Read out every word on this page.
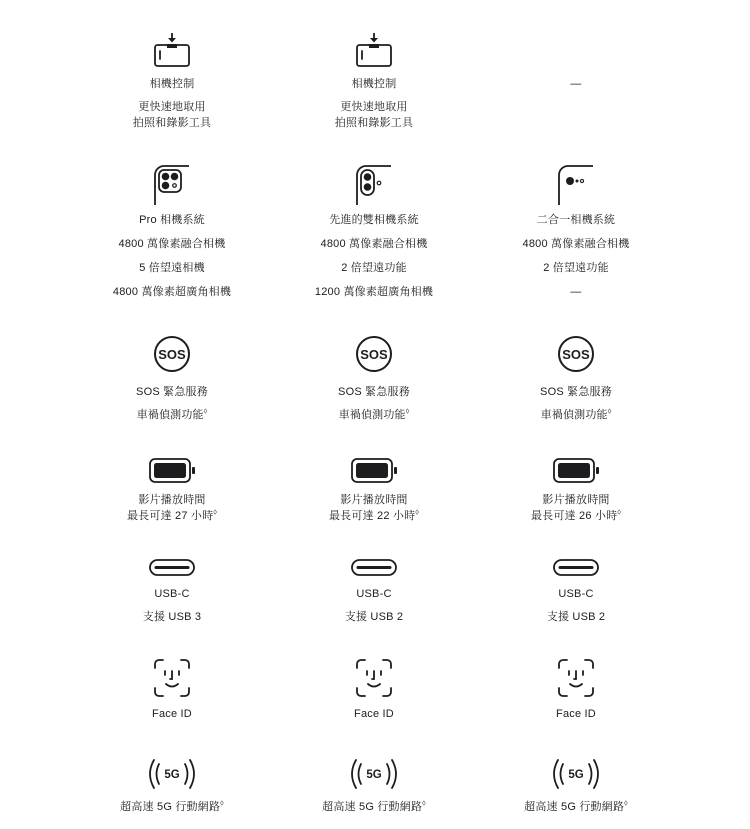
相機控制
更快速地取用
拍照和錄影工具
Pro 相機系統
4800 萬像素融合相機
5 倍望遠相機
4800 萬像素超廣角相機
SOS
SOS 緊急服務
車禍偵測功能◊
影片播放時間
最長可達 27 小時◊
USB-C
支援 USB 3
Face ID
5G
超高速 5G 行動網路◊
相機控制
更快速地取用
拍照和錄影工具
先進的雙相機系統
4800 萬像素融合相機
2 倍望遠功能
1200 萬像素超廣角相機
SOS
SOS 緊急服務
車禍偵測功能◊
影片播放時間
最長可達 22 小時◊
USB-C
支援 USB 2
Face ID
5G
超高速 5G 行動網路◊
—
二合一相機系統
4800 萬像素融合相機
2 倍望遠功能
—
SOS
SOS 緊急服務
車禍偵測功能◊
影片播放時間
最長可達 26 小時◊
USB-C
支援 USB 2
Face ID
5G
超高速 5G 行動網路◊
